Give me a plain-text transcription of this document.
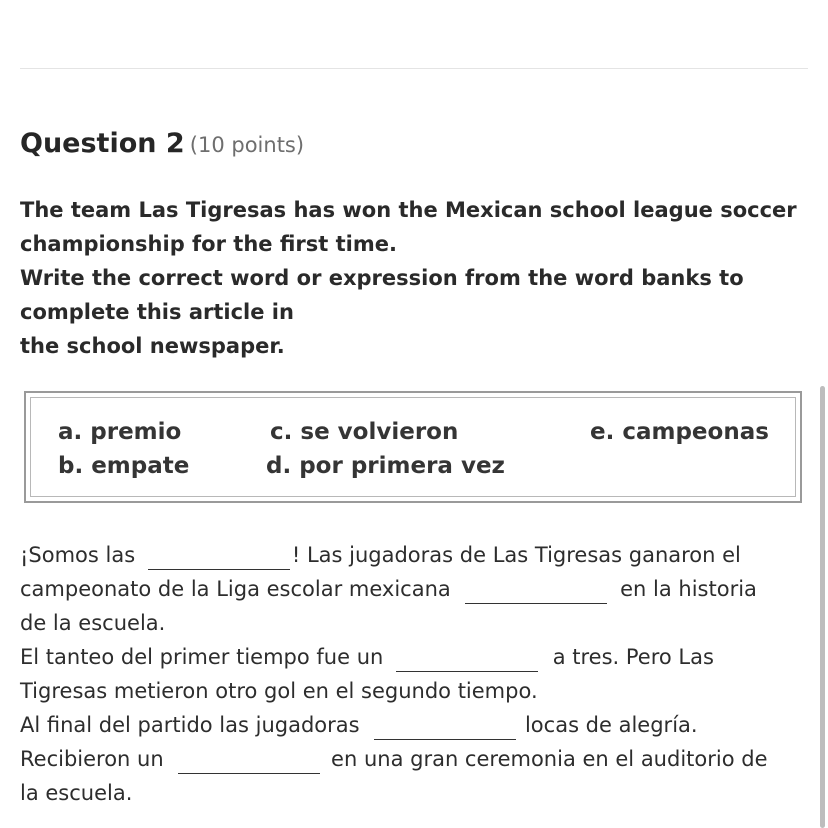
Question 2 (10 points)
The team Las Tigresas has won the Mexican school league soccer
championship for the first time.
Write the correct word or expression from the word banks to
complete this article in
the school newspaper.
a. premio
b. empate
c. se volvieron
d. por primera vez
e. campeonas
¡Somos las	! Las jugadoras de Las Tigresas ganaron el
campeonato de la Liga escolar mexicana	en la historia
de la escuela.
El tanteo del primer tiempo fue un	a tres. Pero Las
Tigresas metieron otro gol en el segundo tiempo.
Al final del partido las jugadoras	locas de alegría.
Recibieron un	en una gran ceremonia en el auditorio de
la escuela.
